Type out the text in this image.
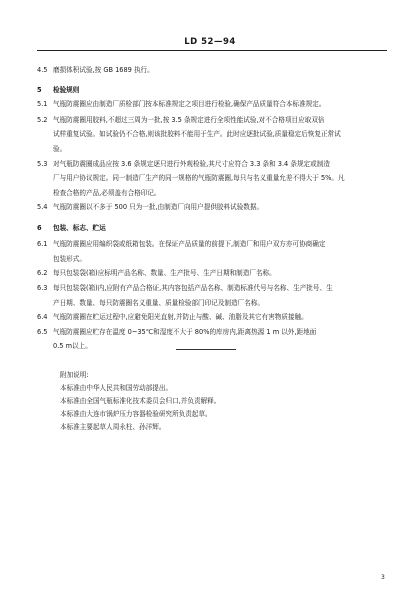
LD 52—94
4.5 磨损体积试验,按 GB 1689 执行。
5 检验规则
5.1 气瓶防震圈应由制造厂质检部门按本标准规定之项目进行检验,确保产品质量符合本标准规定。
5.2 气瓶防震圈用胶料,不超过三周为一批,按 3.5 条规定进行全项性能试验,对不合格项目应取双倍
试样重复试验。如试验仍不合格,则该批胶料不能用于生产。此时应逐批试验,质量稳定后恢复正常试
验。
5.3 对气瓶防震圈成品应按 3.6 条规定逐只进行外观检验,其尺寸应符合 3.3 条和 3.4 条规定或制造
厂与用户协议规定。同一制造厂生产的同一规格的气瓶防震圈,每只与名义重量允差不得大于 5%。凡
检查合格的产品,必须盖有合格印记。
5.4 气瓶防震圈以不多于 500 只为一批,由制造厂向用户提供胶料试验数据。
6 包装、标志、贮运
6.1 气瓶防震圈应用编织袋或纸箱包装。在保证产品质量的前提下,制造厂和用户双方亦可协商确定
包装形式。
6.2 每只包装袋(箱)应标明产品名称、数量、生产批号、生产日期和制造厂名称。
6.3 每只包装袋(箱)内,应附有产品合格证,其内容包括产品名称、制造标准代号与名称、生产批号、生
产日期、数量、每只防震圈名义重量、质量检验部门印记及制造厂名称。
6.4 气瓶防震圈在贮运过程中,应避免阳光直射,并防止与酸、碱、油脂及其它有害物质接触。
6.5 气瓶防震圈应贮存在温度 0~35℃和湿度不大于 80%的库房内,距离热源 1 m 以外,距地面
0.5 m以上。
附加说明:
本标准由中华人民共和国劳动部提出。
本标准由全国气瓶标准化技术委员会归口,并负责解释。
本标准由大连市锅炉压力容器检验研究所负责起草。
本标准主要起草人周永柱、孙洋辉。
3
